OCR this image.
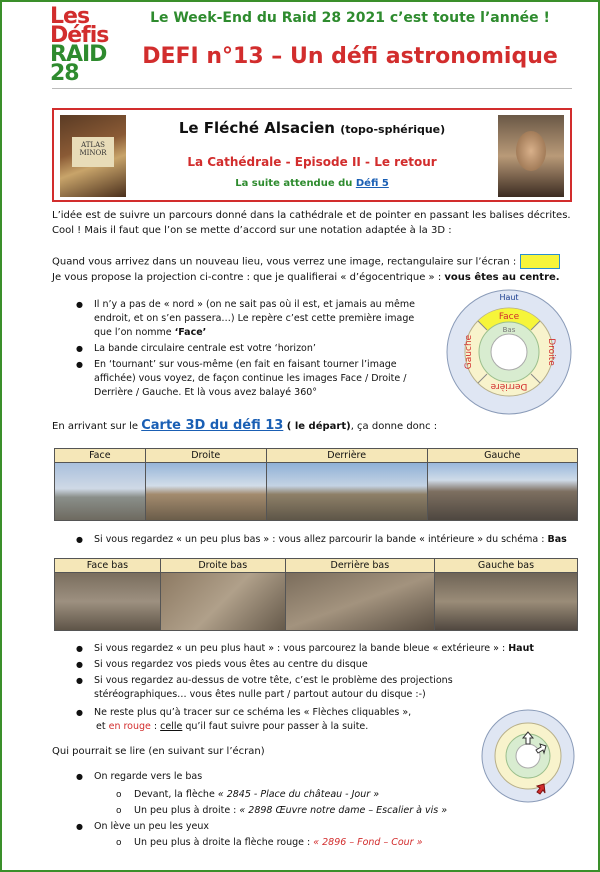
Les
Défis
RAID
28
Le Week-End du Raid 28 2021 c’est toute l’année !
DEFI n°13 – Un défi astronomique
ATLAS MINOR
Le Fléché Alsacien (topo-sphérique)
La Cathédrale - Episode II - Le retour
La suite attendue du Défi 5
L’idée est de suivre un parcours donné dans la cathédrale et de pointer en passant les balises décrites.
Cool ! Mais il faut que l’on se mette d’accord sur une notation adaptée à la 3D :
Quand vous arrivez dans un nouveau lieu, vous verrez une image, rectangulaire sur l’écran :
Je vous propose la projection ci-contre : que je qualifierai « d’égocentrique » : vous êtes au centre.
● Il n’y a pas de « nord » (on ne sait pas où il est, et jamais au même endroit, et on s’en passera…) Le repère c’est cette première image que l’on nomme ‘Face’
● La bande circulaire centrale est votre ‘horizon’
● En ‘tournant’ sur vous-même (en fait en faisant tourner l’image affichée) vous voyez, de façon continue les images Face / Droite / Derrière / Gauche. Et là vous avez balayé 360°
Haut
Face
Bas
Gauche	Droite
Derrière
En arrivant sur le Carte 3D du défi 13 ( le départ), ça donne donc :
Face	Droite	Derrière	Gauche

● Si vous regardez « un peu plus bas » : vous allez parcourir la bande « intérieure » du schéma : Bas
Face bas	Droite bas	Derrière bas	Gauche bas

● Si vous regardez « un peu plus haut » : vous parcourez la bande bleue « extérieure » : Haut
● Si vous regardez vos pieds vous êtes au centre du disque
● Si vous regardez au-dessus de votre tête, c’est le problème des projections stéréographiques… vous êtes nulle part / partout autour du disque :-)
● Ne reste plus qu’à tracer sur ce schéma les « Flèches cliquables »,
et en rouge : celle qu’il faut suivre pour passer à la suite.
Qui pourrait se lire (en suivant sur l’écran)
● On regarde vers le bas
o Devant, la flèche « 2845 - Place du château - Jour »
o Un peu plus à droite : « 2898 Œuvre notre dame – Escalier à vis »
● On lève un peu les yeux
o Un peu plus à droite la flèche rouge : « 2896 – Fond – Cour »
